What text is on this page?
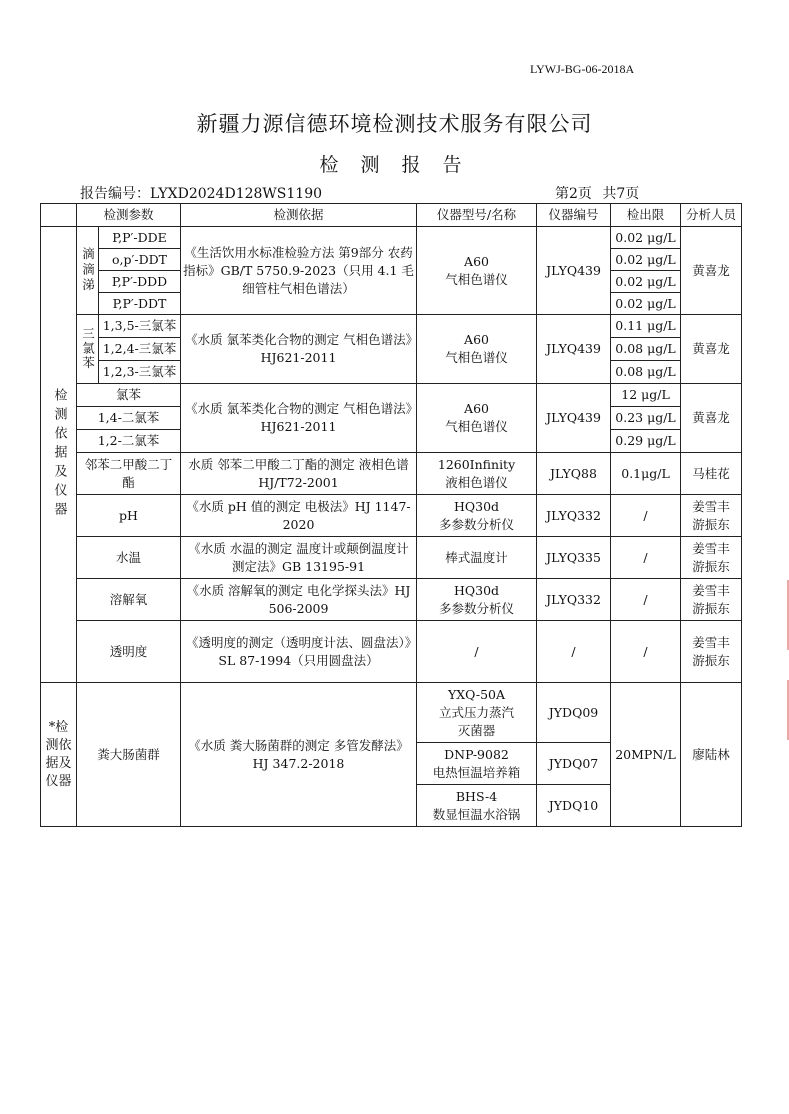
LYWJ-BG-06-2018A
新疆力源信德环境检测技术服务有限公司
检 测 报 告
报告编号：LYXD2024D128WS1190	第2页 共7页
	检测参数		检测依据	仪器型号/名称	仪器编号	检出限	分析人员
检测依据及仪器	滴滴涕	P,P′-DDE	《生活饮用水标准检验方法 第9部分 农药指标》GB/T 5750.9-2023（只用 4.1 毛细管柱气相色谱法）	A60
气相色谱仪	JLYQ439	0.02 μg/L	黄喜龙
		o,p′-DDT				0.02 μg/L	
		P,P′-DDD				0.02 μg/L	
		P,P′-DDT				0.02 μg/L	
	三氯苯	1,3,5-三氯苯	《水质 氯苯类化合物的测定 气相色谱法》HJ621-2011	A60
气相色谱仪	JLYQ439	0.11 μg/L	黄喜龙
		1,2,4-三氯苯				0.08 μg/L	
		1,2,3-三氯苯				0.08 μg/L	
	氯苯		《水质 氯苯类化合物的测定 气相色谱法》HJ621-2011	A60
气相色谱仪	JLYQ439	12 μg/L	黄喜龙
	1,4-二氯苯					0.23 μg/L	
	1,2-二氯苯					0.29 μg/L	
	邻苯二甲酸二丁酯		水质 邻苯二甲酸二丁酯的测定 液相色谱 HJ/T72-2001	1260Infinity
液相色谱仪	JLYQ88	0.1μg/L	马桂花
	pH		《水质 pH 值的测定 电极法》HJ 1147-2020	HQ30d
多参数分析仪	JLYQ332	/	姜雪丰
游振东
	水温		《水质 水温的测定 温度计或颠倒温度计测定法》GB 13195-91	棒式温度计	JLYQ335	/	姜雪丰
游振东
	溶解氧		《水质 溶解氧的测定 电化学探头法》HJ 506-2009	HQ30d
多参数分析仪	JLYQ332	/	姜雪丰
游振东
	透明度		《透明度的测定（透明度计法、圆盘法）》SL 87-1994（只用圆盘法）	/	/	/	姜雪丰
游振东
*检测依据及仪器	粪大肠菌群		《水质 粪大肠菌群的测定 多管发酵法》HJ 347.2-2018	YXQ-50A
立式压力蒸汽
灭菌器	JYDQ09	20MPN/L	廖陆林
				DNP-9082
电热恒温培养箱	JYDQ07		
				BHS-4
数显恒温水浴锅	JYDQ10		
